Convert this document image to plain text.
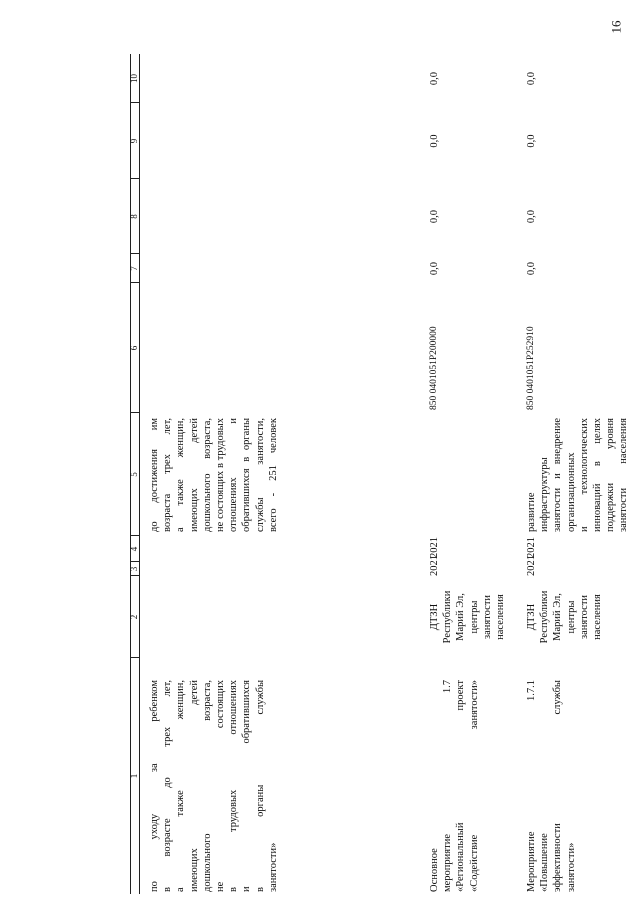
16
1
2
3
4
5
6
7
8
9
10
по уходу за ребенком в возрасте до трех лет, а также женщин, имеющих детей дошкольного возраста, не состоящих в трудовых отношениях и обратившихся в органы службы занятости»
до достижения им возраста трех лет, а также женщин, имеющих детей дошкольного возраста, не состоящих в трудовых отношениях и обратившихся в органы службы занятости, всего - 251 человек
Основное мероприятие 1.7 «Региональный проект «Содействие занятости»
ДТЗН Республики Марий Эл, центры занятости населения
2021
2021
850 0401051P200000
0,0
0,0
0,0
0,0
Мероприятие 1.7.1 «Повышение эффективности службы занятости»
ДТЗН Республики Марий Эл, центры занятости населения
2021
2021
развитие инфраструктуры занятости и внедрение организационных и технологических инноваций в целях поддержки уровня занятости населения
850 0401051P252910
0,0
0,0
0,0
0,0
